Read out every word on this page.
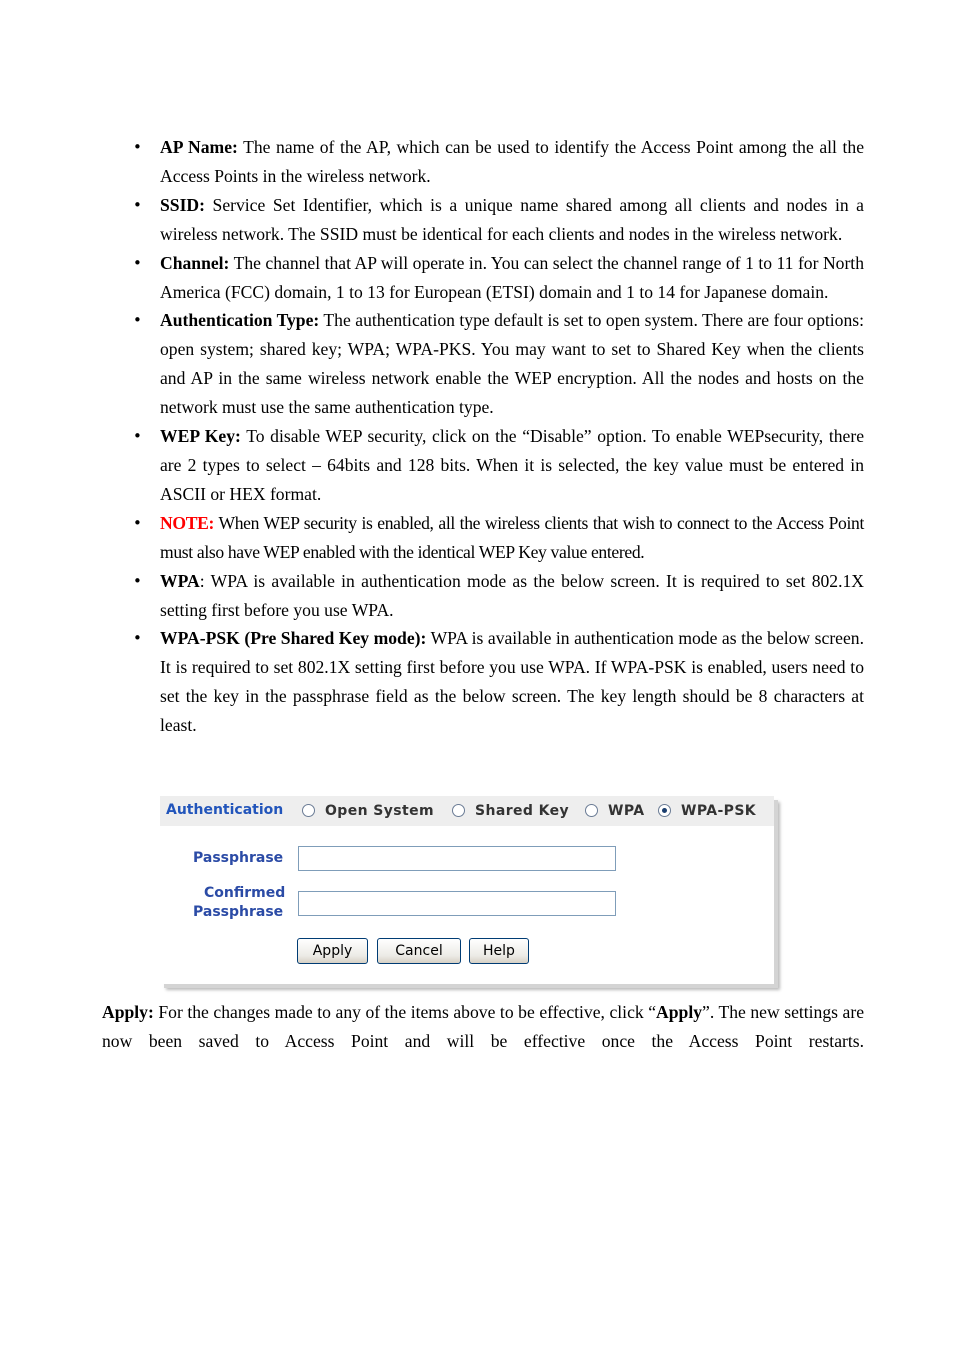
• AP Name: The name of the AP, which can be used to identify the Access Point among the all the Access Points in the wireless network.
• SSID: Service Set Identifier, which is a unique name shared among all clients and nodes in a wireless network. The SSID must be identical for each clients and nodes in the wireless network.
• Channel: The channel that AP will operate in. You can select the channel range of 1 to 11 for North America (FCC) domain, 1 to 13 for European (ETSI) domain and 1 to 14 for Japanese domain.
• Authentication Type: The authentication type default is set to open system. There are four options: open system; shared key; WPA; WPA-PKS. You may want to set to Shared Key when the clients and AP in the same wireless network enable the WEP encryption. All the nodes and hosts on the network must use the same authentication type.
• WEP Key: To disable WEP security, click on the “Disable” option. To enable WEPsecurity, there are 2 types to select – 64bits and 128 bits. When it is selected, the key value must be entered in ASCII or HEX format.
• NOTE: When WEP security is enabled, all the wireless clients that wish to connect to the Access Point must also have WEP enabled with the identical WEP Key value entered.
• WPA: WPA is available in authentication mode as the below screen. It is required to set 802.1X setting first before you use WPA.
• WPA-PSK (Pre Shared Key mode): WPA is available in authentication mode as the below screen. It is required to set 802.1X setting first before you use WPA. If WPA-PSK is enabled, users need to set the key in the passphrase field as the below screen. The key length should be 8 characters at least.
Authentication	Open System	Shared Key	WPA	WPA-PSK
Passphrase
Confirmed
Passphrase
Apply	Cancel	Help

Apply: For the changes made to any of the items above to be effective, click “Apply”. The new settings are now been saved to Access Point and will be effective once the Access Point restarts.
